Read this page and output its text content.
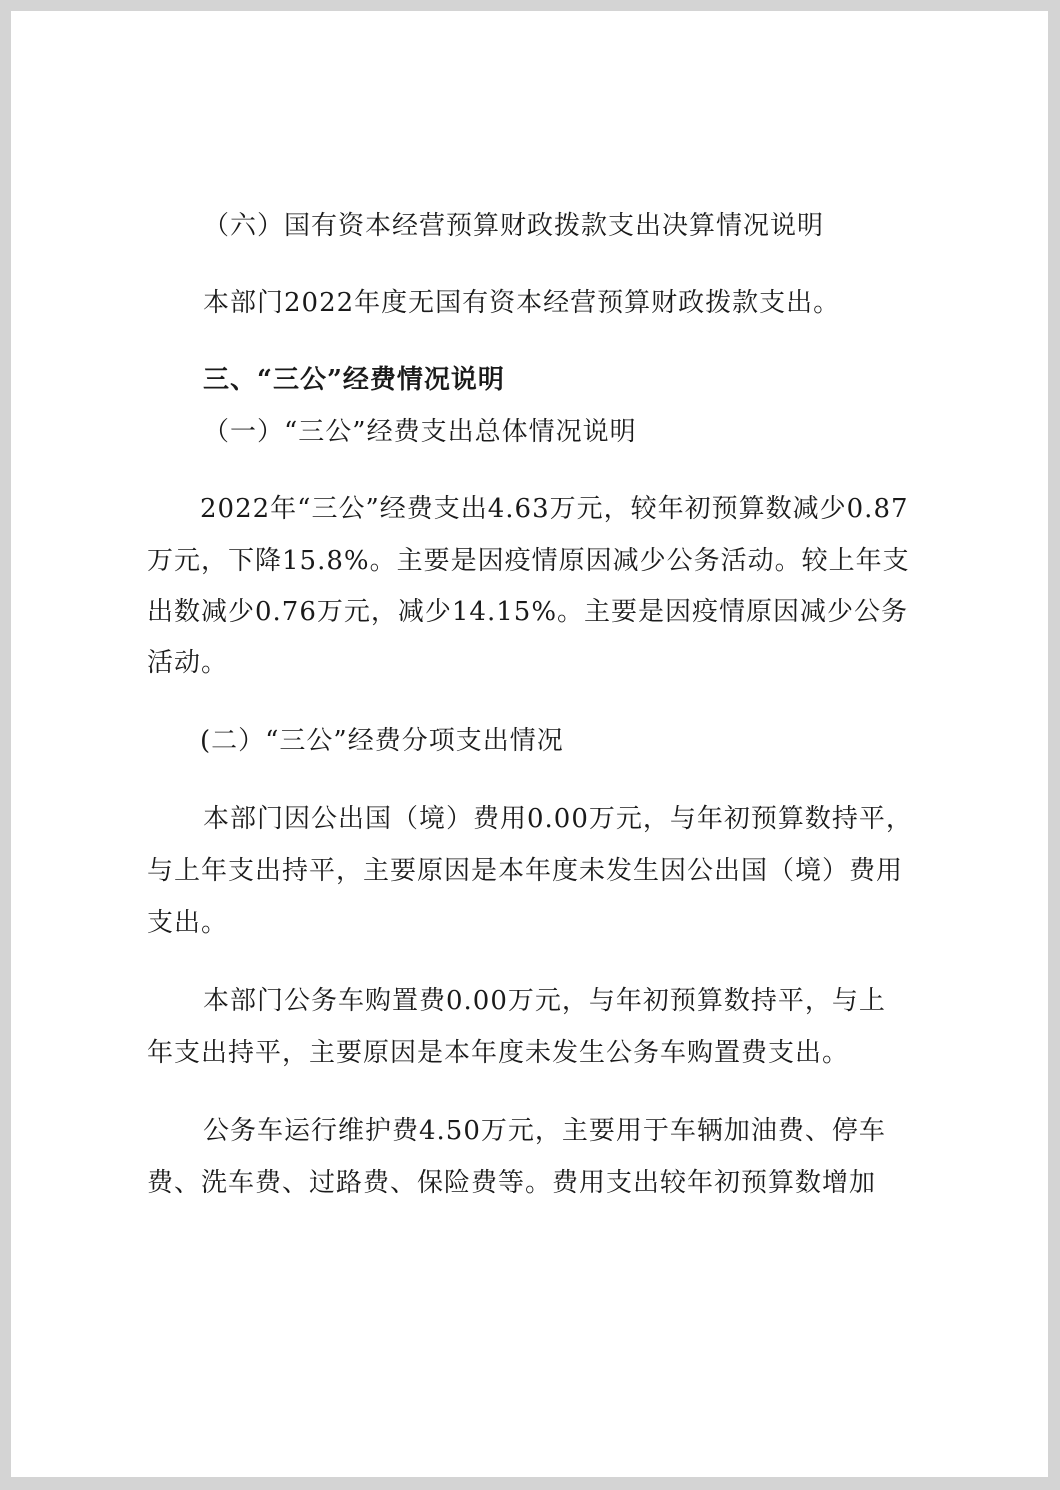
（六）国有资本经营预算财政拨款支出决算情况说明
本部门2022年度无国有资本经营预算财政拨款支出。
三、“三公”经费情况说明
（一）“三公”经费支出总体情况说明
2022年“三公”经费支出4.63万元，较年初预算数减少0.87
万元，下降15.8%。主要是因疫情原因减少公务活动。较上年支
出数减少0.76万元，减少14.15%。主要是因疫情原因减少公务
活动。
(二）“三公”经费分项支出情况
本部门因公出国（境）费用0.00万元，与年初预算数持平，
与上年支出持平，主要原因是本年度未发生因公出国（境）费用
支出。
本部门公务车购置费0.00万元，与年初预算数持平，与上
年支出持平，主要原因是本年度未发生公务车购置费支出。
公务车运行维护费4.50万元，主要用于车辆加油费、停车
费、洗车费、过路费、保险费等。费用支出较年初预算数增加
